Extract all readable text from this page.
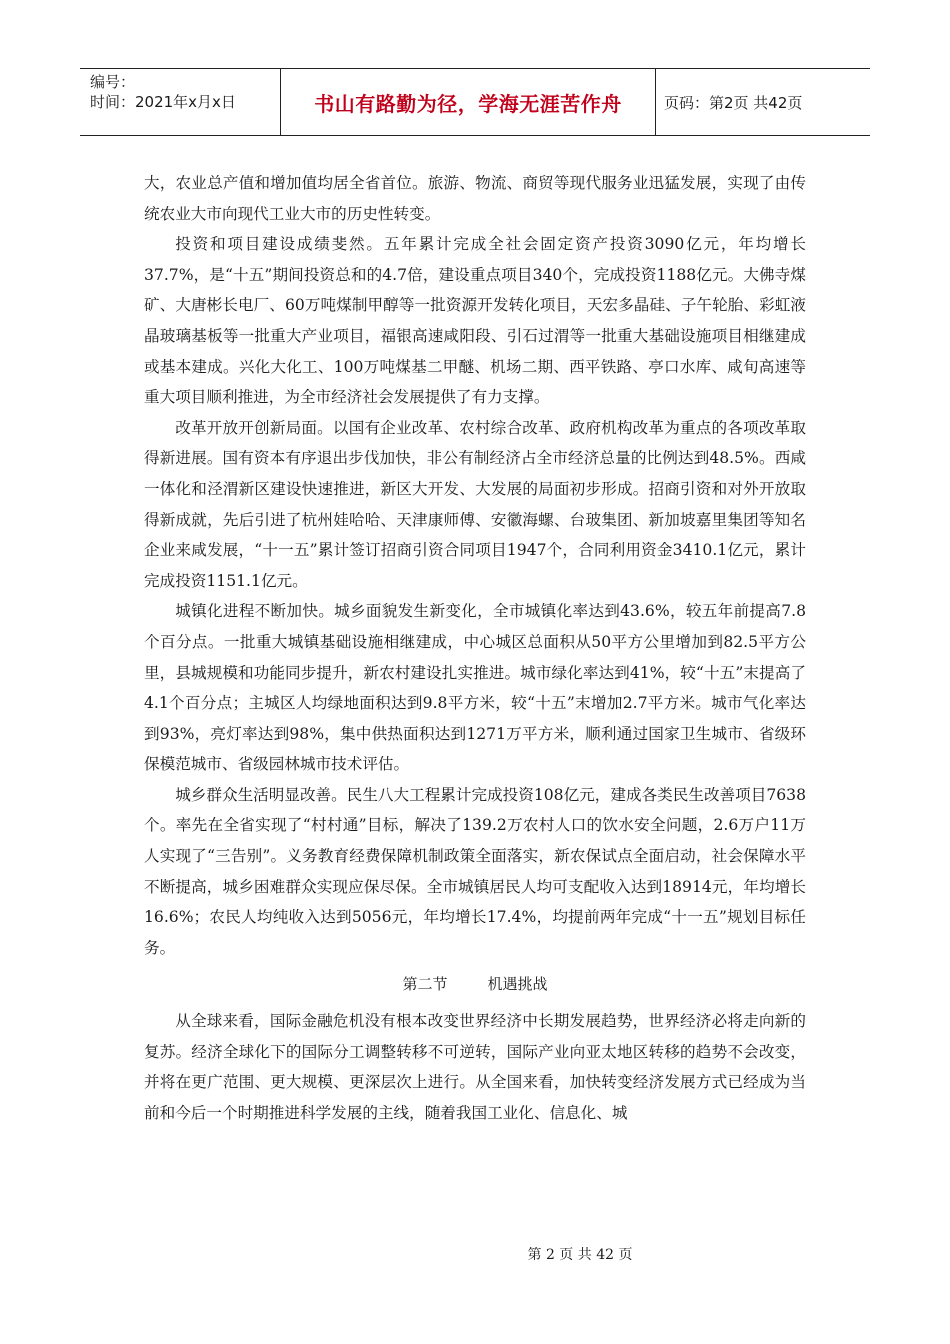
编号：
时间：2021年x月x日	书山有路勤为径，学海无涯苦作舟	页码：第2页 共42页

大，农业总产值和增加值均居全省首位。旅游、物流、商贸等现代服务业迅猛发展，实现了由传统农业大市向现代工业大市的历史性转变。

投资和项目建设成绩斐然。五年累计完成全社会固定资产投资3090亿元，年均增长37.7%，是“十五”期间投资总和的4.7倍，建设重点项目340个，完成投资1188亿元。大佛寺煤矿、大唐彬长电厂、60万吨煤制甲醇等一批资源开发转化项目，天宏多晶硅、子午轮胎、彩虹液晶玻璃基板等一批重大产业项目，福银高速咸阳段、引石过渭等一批重大基础设施项目相继建成或基本建成。兴化大化工、100万吨煤基二甲醚、机场二期、西平铁路、亭口水库、咸旬高速等重大项目顺利推进，为全市经济社会发展提供了有力支撑。

改革开放开创新局面。以国有企业改革、农村综合改革、政府机构改革为重点的各项改革取得新进展。国有资本有序退出步伐加快，非公有制经济占全市经济总量的比例达到48.5%。西咸一体化和泾渭新区建设快速推进，新区大开发、大发展的局面初步形成。招商引资和对外开放取得新成就，先后引进了杭州娃哈哈、天津康师傅、安徽海螺、台玻集团、新加坡嘉里集团等知名企业来咸发展，“十一五”累计签订招商引资合同项目1947个，合同利用资金3410.1亿元，累计完成投资1151.1亿元。

城镇化进程不断加快。城乡面貌发生新变化，全市城镇化率达到43.6%，较五年前提高7.8个百分点。一批重大城镇基础设施相继建成，中心城区总面积从50平方公里增加到82.5平方公里，县城规模和功能同步提升，新农村建设扎实推进。城市绿化率达到41%，较“十五”末提高了4.1个百分点；主城区人均绿地面积达到9.8平方米，较“十五”末增加2.7平方米。城市气化率达到93%，亮灯率达到98%，集中供热面积达到1271万平方米，顺利通过国家卫生城市、省级环保模范城市、省级园林城市技术评估。

城乡群众生活明显改善。民生八大工程累计完成投资108亿元，建成各类民生改善项目7638个。率先在全省实现了“村村通”目标，解决了139.2万农村人口的饮水安全问题，2.6万户11万人实现了“三告别”。义务教育经费保障机制政策全面落实，新农保试点全面启动，社会保障水平不断提高，城乡困难群众实现应保尽保。全市城镇居民人均可支配收入达到18914元，年均增长16.6%；农民人均纯收入达到5056元，年均增长17.4%，均提前两年完成“十一五”规划目标任务。

第二节	机遇挑战

从全球来看，国际金融危机没有根本改变世界经济中长期发展趋势，世界经济必将走向新的复苏。经济全球化下的国际分工调整转移不可逆转，国际产业向亚太地区转移的趋势不会改变，并将在更广范围、更大规模、更深层次上进行。从全国来看，加快转变经济发展方式已经成为当前和今后一个时期推进科学发展的主线，随着我国工业化、信息化、城

第 2 页 共 42 页
